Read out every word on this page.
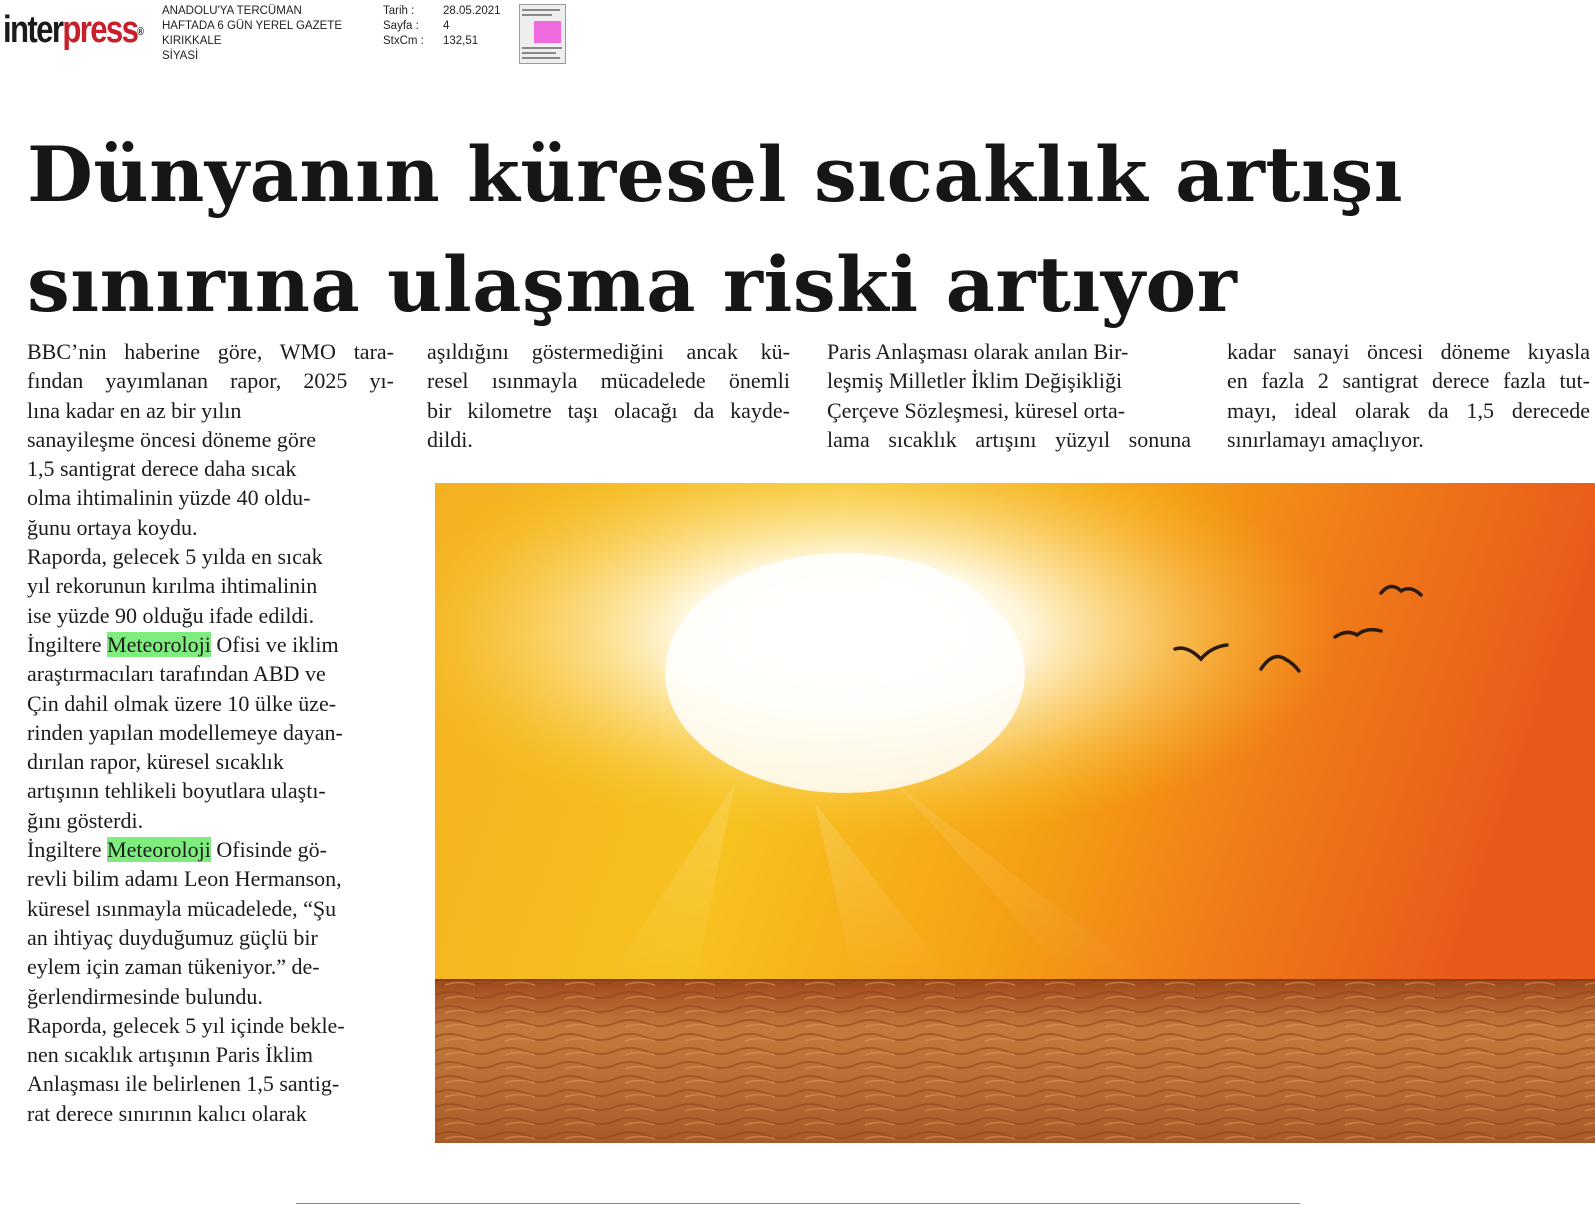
interpress®
ANADOLU'YA TERCÜMAN
HAFTADA 6 GÜN YEREL GAZETE
KIRIKKALE
SİYASİ
Tarih :
Sayfa :
StxCm :
28.05.2021
4
132,51
Dünyanın küresel sıcaklık artışı
sınırına ulaşma riski artıyor
BBC’nin haberine göre, WMO tara-
fından yayımlanan rapor, 2025 yı-
lına kadar en az bir yılın
sanayileşme öncesi döneme göre
1,5 santigrat derece daha sıcak
olma ihtimalinin yüzde 40 oldu-
ğunu ortaya koydu.
Raporda, gelecek 5 yılda en sıcak
yıl rekorunun kırılma ihtimalinin
ise yüzde 90 olduğu ifade edildi.
İngiltere Meteoroloji Ofisi ve iklim
araştırmacıları tarafından ABD ve
Çin dahil olmak üzere 10 ülke üze-
rinden yapılan modellemeye dayan-
dırılan rapor, küresel sıcaklık
artışının tehlikeli boyutlara ulaştı-
ğını gösterdi.
İngiltere Meteoroloji Ofisinde gö-
revli bilim adamı Leon Hermanson,
küresel ısınmayla mücadelede, “Şu
an ihtiyaç duyduğumuz güçlü bir
eylem için zaman tükeniyor.” de-
ğerlendirmesinde bulundu.
Raporda, gelecek 5 yıl içinde bekle-
nen sıcaklık artışının Paris İklim
Anlaşması ile belirlenen 1,5 santig-
rat derece sınırının kalıcı olarak
aşıldığını göstermediğini ancak kü-
resel ısınmayla mücadelede önemli
bir kilometre taşı olacağı da kayde-
dildi.
Paris Anlaşması olarak anılan Bir-
leşmiş Milletler İklim Değişikliği
Çerçeve Sözleşmesi, küresel orta-
lama sıcaklık artışını yüzyıl sonuna
kadar sanayi öncesi döneme kıyasla
en fazla 2 santigrat derece fazla tut-
mayı, ideal olarak da 1,5 derecede
sınırlamayı amaçlıyor.
